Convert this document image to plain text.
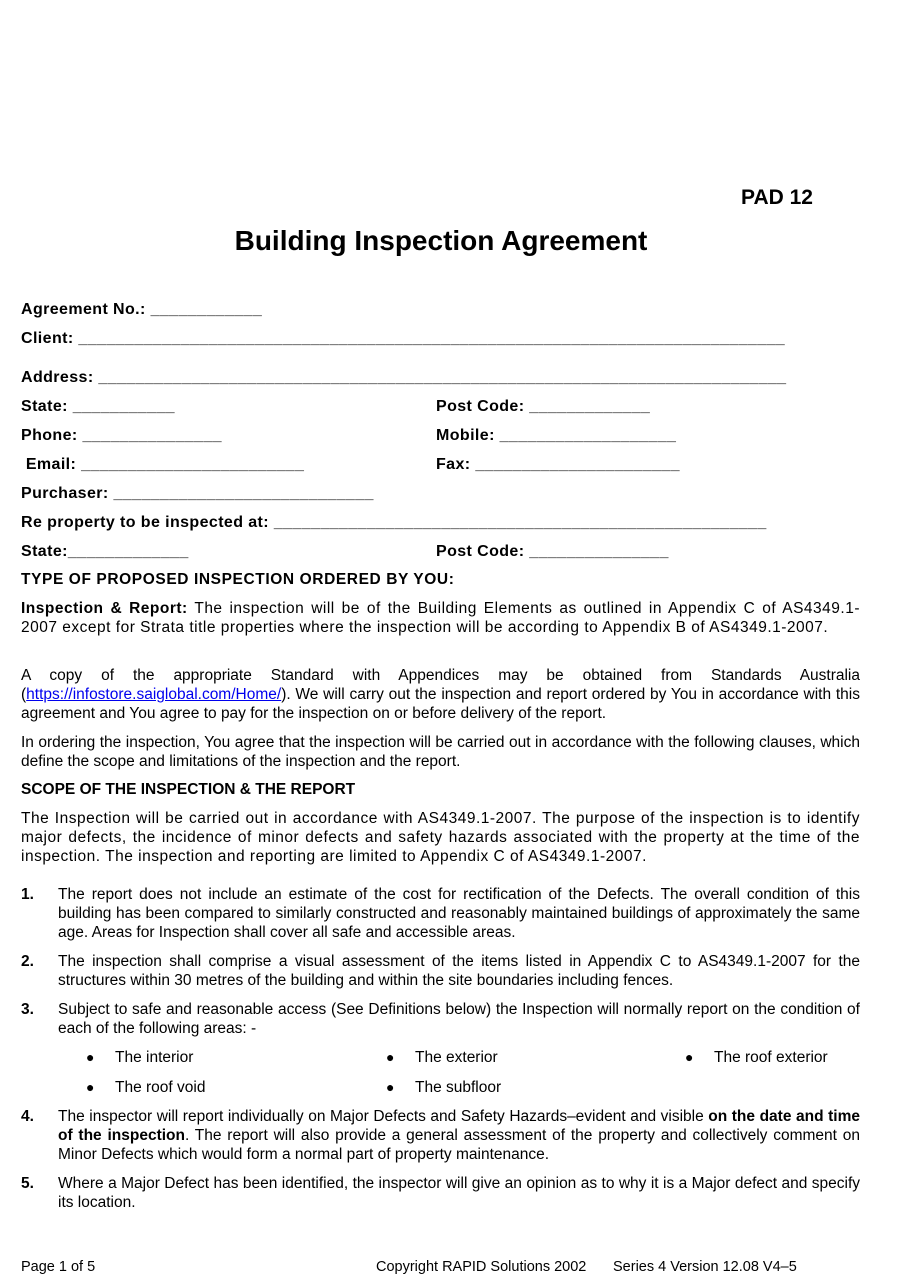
PAD 12
Building Inspection Agreement
Agreement No.: ____________
Client: ____________________________________________________________________________
Address: __________________________________________________________________________
State: ___________	Post Code: _____________
Phone: _______________	Mobile: ___________________
Email: ________________________	Fax: ______________________
Purchaser: ____________________________
Re property to be inspected at: _____________________________________________________
State:_____________	Post Code: _______________
TYPE OF PROPOSED INSPECTION ORDERED BY YOU:
Inspection & Report: The inspection will be of the Building Elements as outlined in Appendix C of AS4349.1-2007 except for Strata title properties where the inspection will be according to Appendix B of AS4349.1-2007.
A copy of the appropriate Standard with Appendices may be obtained from Standards Australia (https://infostore.saiglobal.com/Home/). We will carry out the inspection and report ordered by You in accordance with this agreement and You agree to pay for the inspection on or before delivery of the report.
In ordering the inspection, You agree that the inspection will be carried out in accordance with the following clauses, which define the scope and limitations of the inspection and the report.
SCOPE OF THE INSPECTION & THE REPORT
The Inspection will be carried out in accordance with AS4349.1-2007. The purpose of the inspection is to identify major defects, the incidence of minor defects and safety hazards associated with the property at the time of the inspection. The inspection and reporting are limited to Appendix C of AS4349.1-2007.
1. The report does not include an estimate of the cost for rectification of the Defects. The overall condition of this building has been compared to similarly constructed and reasonably maintained buildings of approximately the same age. Areas for Inspection shall cover all safe and accessible areas.
2. The inspection shall comprise a visual assessment of the items listed in Appendix C to AS4349.1-2007 for the structures within 30 metres of the building and within the site boundaries including fences.
3. Subject to safe and reasonable access (See Definitions below) the Inspection will normally report on the condition of each of the following areas: -
● The interior	● The exterior	● The roof exterior
● The roof void	● The subfloor
4. The inspector will report individually on Major Defects and Safety Hazards–evident and visible on the date and time of the inspection. The report will also provide a general assessment of the property and collectively comment on Minor Defects which would form a normal part of property maintenance.
5. Where a Major Defect has been identified, the inspector will give an opinion as to why it is a Major defect and specify its location.
Page 1 of 5	Copyright RAPID Solutions 2002 Series 4 Version 12.08 V4–5
